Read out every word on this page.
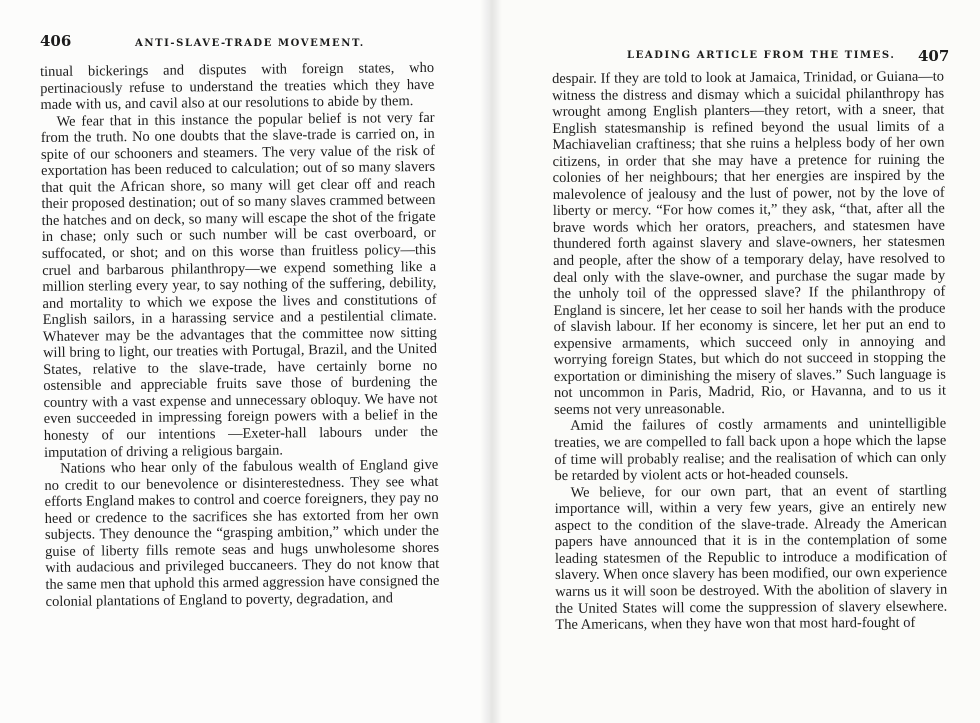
406	ANTI-SLAVE-TRADE MOVEMENT.

tinual bickerings and disputes with foreign states, who pertinaciously refuse to understand the treaties which they have made with us, and cavil also at our resolutions to abide by them.

We fear that in this instance the popular belief is not very far from the truth. No one doubts that the slave-trade is carried on, in spite of our schooners and steamers. The very value of the risk of exportation has been reduced to calculation; out of so many slavers that quit the African shore, so many will get clear off and reach their proposed destination; out of so many slaves crammed between the hatches and on deck, so many will escape the shot of the frigate in chase; only such or such number will be cast overboard, or suffocated, or shot; and on this worse than fruitless policy—this cruel and barbarous philanthropy—we expend something like a million sterling every year, to say nothing of the suffering, debility, and mortality to which we expose the lives and constitutions of English sailors, in a harassing service and a pestilential climate. Whatever may be the advantages that the committee now sitting will bring to light, our treaties with Portugal, Brazil, and the United States, relative to the slave-trade, have certainly borne no ostensible and appreciable fruits save those of burdening the country with a vast expense and unnecessary obloquy. We have not even succeeded in impressing foreign powers with a belief in the honesty of our intentions —Exeter-hall labours under the imputation of driving a religious bargain.

Nations who hear only of the fabulous wealth of England give no credit to our benevolence or disinterestedness. They see what efforts England makes to control and coerce foreigners, they pay no heed or credence to the sacrifices she has extorted from her own subjects. They denounce the “grasping ambition,” which under the guise of liberty fills remote seas and hugs unwholesome shores with audacious and privileged buccaneers. They do not know that the same men that uphold this armed aggression have consigned the colonial plantations of England to poverty, degradation, and

LEADING ARTICLE FROM THE TIMES. 407

despair. If they are told to look at Jamaica, Trinidad, or Guiana—to witness the distress and dismay which a suicidal philanthropy has wrought among English planters—they retort, with a sneer, that English statesmanship is refined beyond the usual limits of a Machiavelian craftiness; that she ruins a helpless body of her own citizens, in order that she may have a pretence for ruining the colonies of her neighbours; that her energies are inspired by the malevolence of jealousy and the lust of power, not by the love of liberty or mercy. “For how comes it,” they ask, “that, after all the brave words which her orators, preachers, and statesmen have thundered forth against slavery and slave-owners, her statesmen and people, after the show of a temporary delay, have resolved to deal only with the slave-owner, and purchase the sugar made by the unholy toil of the oppressed slave? If the philanthropy of England is sincere, let her cease to soil her hands with the produce of slavish labour. If her economy is sincere, let her put an end to expensive armaments, which succeed only in annoying and worrying foreign States, but which do not succeed in stopping the exportation or diminishing the misery of slaves.” Such language is not uncommon in Paris, Madrid, Rio, or Havanna, and to us it seems not very unreasonable.

Amid the failures of costly armaments and unintelligible treaties, we are compelled to fall back upon a hope which the lapse of time will probably realise; and the realisation of which can only be retarded by violent acts or hot-headed counsels.

We believe, for our own part, that an event of startling importance will, within a very few years, give an entirely new aspect to the condition of the slave-trade. Already the American papers have announced that it is in the contemplation of some leading statesmen of the Republic to introduce a modification of slavery. When once slavery has been modified, our own experience warns us it will soon be destroyed. With the abolition of slavery in the United States will come the suppression of slavery elsewhere. The Americans, when they have won that most hard-fought of
